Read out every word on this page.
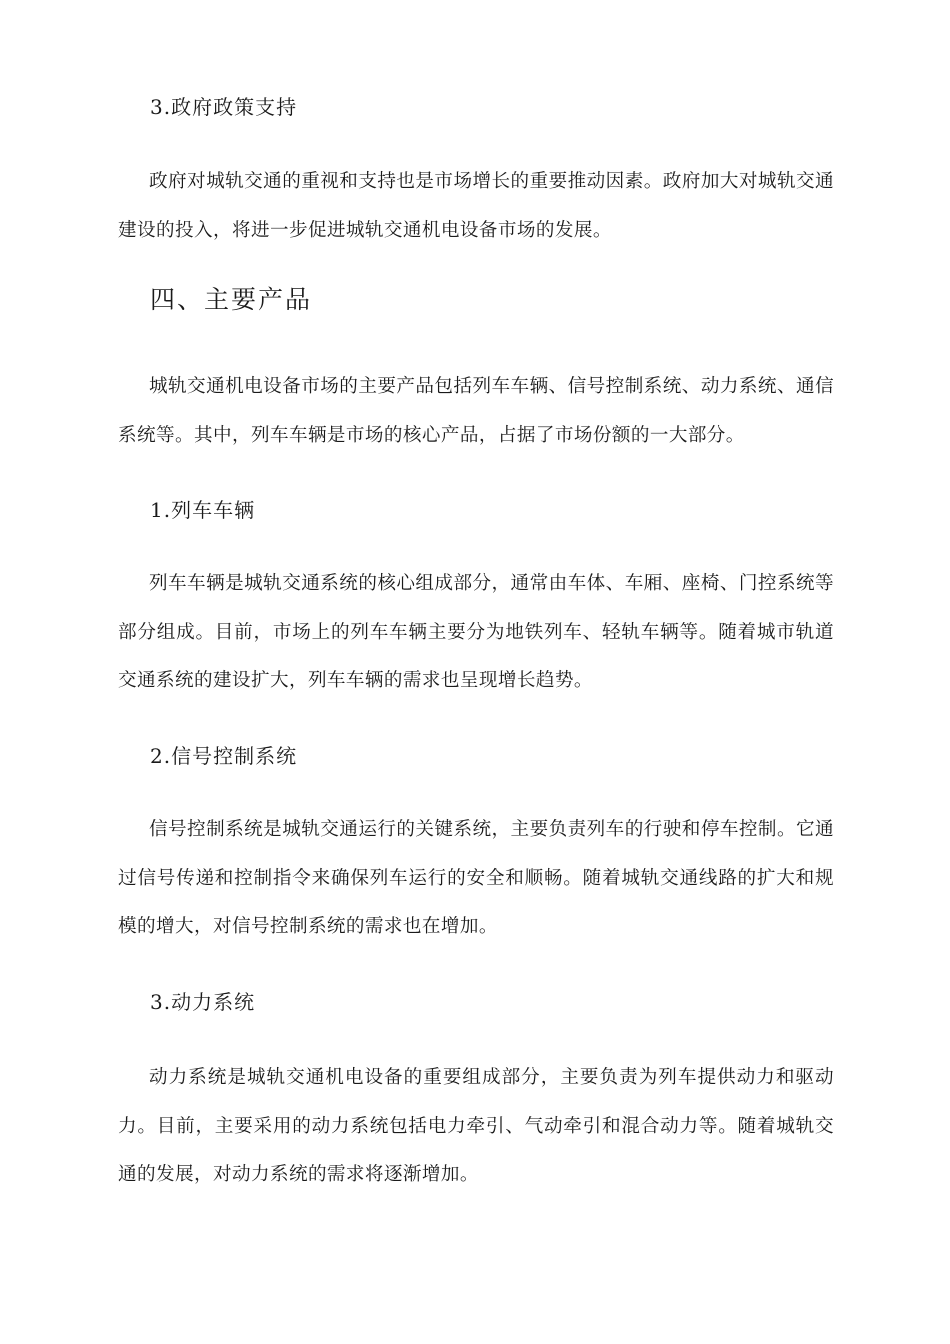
3.政府政策支持
政府对城轨交通的重视和支持也是市场增长的重要推动因素。政府加大对城轨交通建设的投入，将进一步促进城轨交通机电设备市场的发展。
四、主要产品
城轨交通机电设备市场的主要产品包括列车车辆、信号控制系统、动力系统、通信系统等。其中，列车车辆是市场的核心产品，占据了市场份额的一大部分。
1.列车车辆
列车车辆是城轨交通系统的核心组成部分，通常由车体、车厢、座椅、门控系统等部分组成。目前，市场上的列车车辆主要分为地铁列车、轻轨车辆等。随着城市轨道交通系统的建设扩大，列车车辆的需求也呈现增长趋势。
2.信号控制系统
信号控制系统是城轨交通运行的关键系统，主要负责列车的行驶和停车控制。它通过信号传递和控制指令来确保列车运行的安全和顺畅。随着城轨交通线路的扩大和规模的增大，对信号控制系统的需求也在增加。
3.动力系统
动力系统是城轨交通机电设备的重要组成部分，主要负责为列车提供动力和驱动力。目前，主要采用的动力系统包括电力牵引、气动牵引和混合动力等。随着城轨交通的发展，对动力系统的需求将逐渐增加。
